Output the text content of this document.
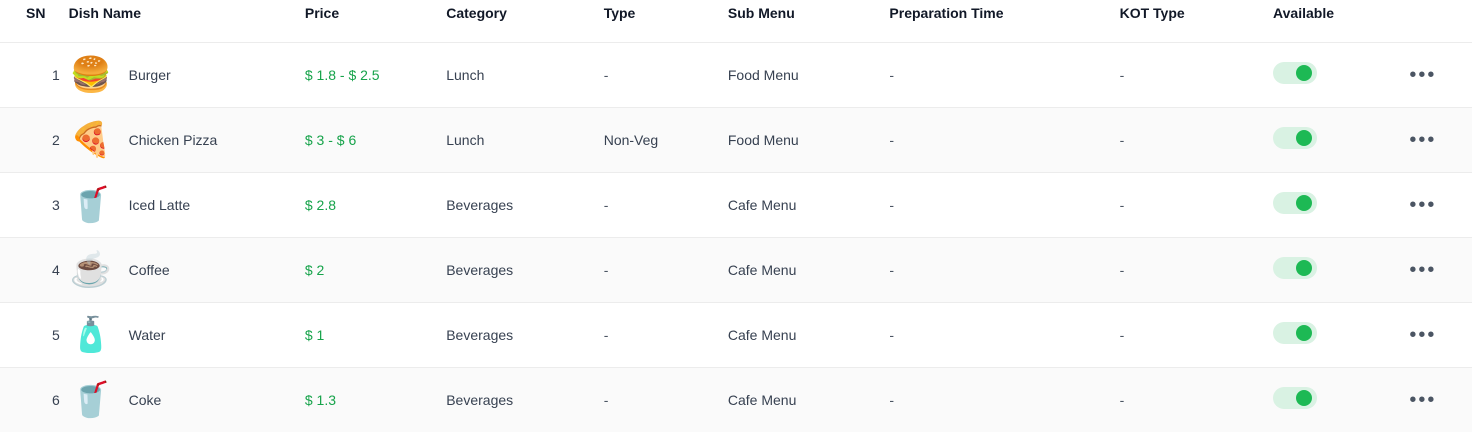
SN	Dish Name	Price	Category	Type	Sub Menu	Preparation Time	KOT Type	Available	
1	🍔 Burger	$ 1.8 - $ 2.5	Lunch	-	Food Menu	-	-		•••

2	🍕 Chicken Pizza	$ 3 - $ 6	Lunch	Non-Veg	Food Menu	-	-		•••

3	🥤 Iced Latte	$ 2.8	Beverages	-	Cafe Menu	-	-		•••

4	☕ Coffee	$ 2	Beverages	-	Cafe Menu	-	-		•••

5	🧴 Water	$ 1	Beverages	-	Cafe Menu	-	-		•••

6	🥤 Coke	$ 1.3	Beverages	-	Cafe Menu	-	-		•••
